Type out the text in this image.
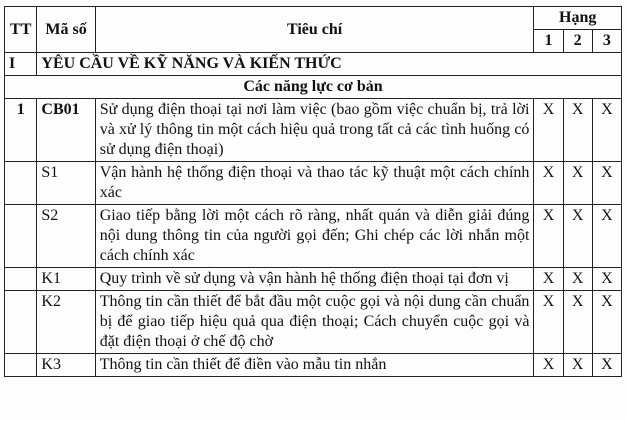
TT	Mã số	Tiêu chí	Hạng		
			1	2	3
I	YÊU CẦU VỀ KỸ NĂNG VÀ KIẾN THỨC				
Các năng lực cơ bản					
1	CB01	Sử dụng điện thoại tại nơi làm việc (bao gồm việc chuẩn bị, trả lời và xử lý thông tin một cách hiệu quả trong tất cả các tình huống có sử dụng điện thoại)	X	X	X
	S1	Vận hành hệ thống điện thoại và thao tác kỹ thuật một cách chính xác	X	X	X
	S2	Giao tiếp bằng lời một cách rõ ràng, nhất quán và diễn giải đúng nội dung thông tin của người gọi đến; Ghi chép các lời nhắn một cách chính xác	X	X	X
	K1	Quy trình về sử dụng và vận hành hệ thống điện thoại tại đơn vị	X	X	X
	K2	Thông tin cần thiết để bắt đầu một cuộc gọi và nội dung cần chuẩn bị để giao tiếp hiệu quả qua điện thoại; Cách chuyển cuộc gọi và đặt điện thoại ở chế độ chờ	X	X	X
	K3	Thông tin cần thiết để điền vào mẫu tin nhắn	X	X	X
